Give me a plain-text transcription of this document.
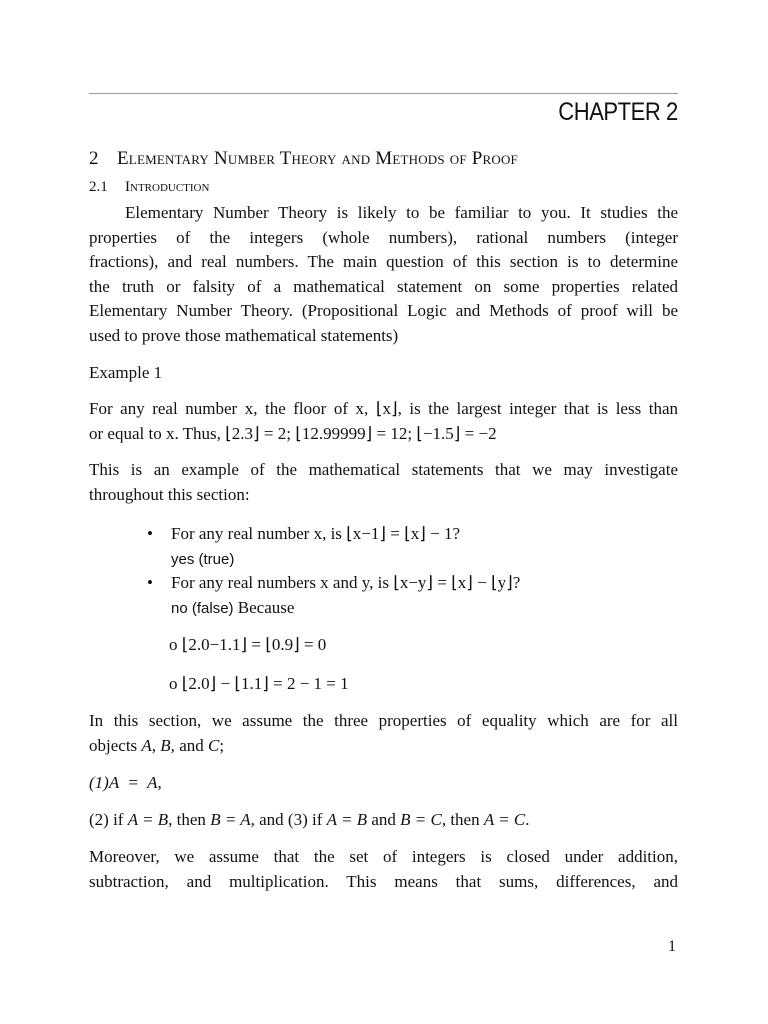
CHAPTER 2
2 Elementary Number Theory and Methods of Proof
2.1 Introduction
Elementary Number Theory is likely to be familiar to you. It studies the
properties of the integers (whole numbers), rational numbers (integer
fractions), and real numbers. The main question of this section is to determine
the truth or falsity of a mathematical statement on some properties related
Elementary Number Theory. (Propositional Logic and Methods of proof will be
used to prove those mathematical statements)
Example 1
For any real number x, the floor of x, ⌊x⌋, is the largest integer that is less than
or equal to x. Thus, ⌊2.3⌋ = 2; ⌊12.99999⌋ = 12; ⌊−1.5⌋ = −2
This is an example of the mathematical statements that we may investigate
throughout this section:
• For any real number x, is ⌊x−1⌋ = ⌊x⌋ − 1?
yes (true)
• For any real numbers x and y, is ⌊x−y⌋ = ⌊x⌋ − ⌊y⌋?
no (false) Because
o ⌊2.0−1.1⌋ = ⌊0.9⌋ = 0
o ⌊2.0⌋ − ⌊1.1⌋ = 2 − 1 = 1
In this section, we assume the three properties of equality which are for all
objects A, B, and C;
(1)A  =  A,
(2) if A = B, then B = A, and (3) if A = B and B = C, then A = C.
Moreover, we assume that the set of integers is closed under addition,
subtraction, and multiplication. This means that sums, differences, and
1
